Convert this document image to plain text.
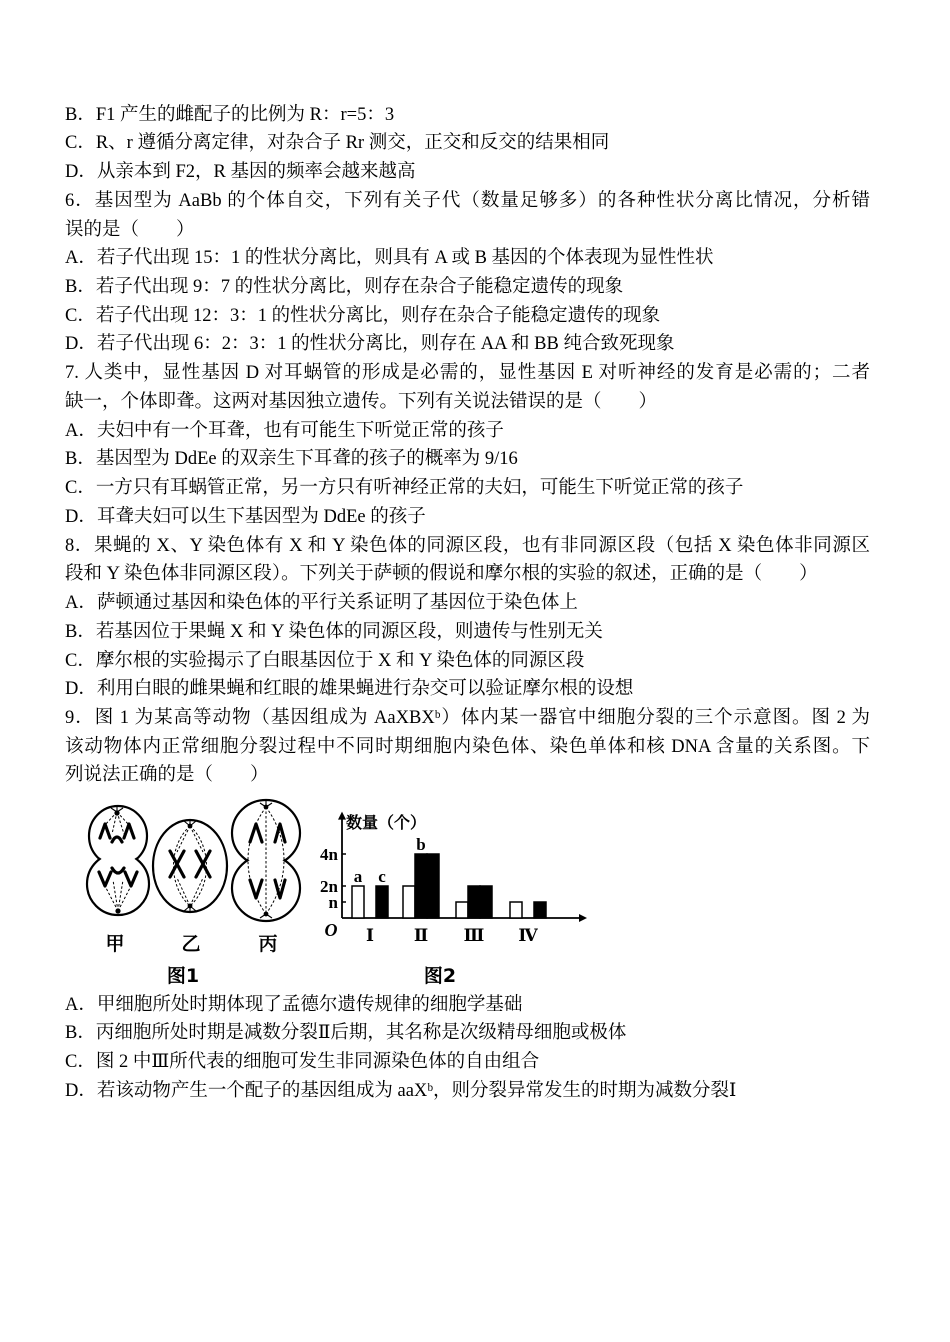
B．F1 产生的雌配子的比例为 R：r=5：3
C．R、r 遵循分离定律，对杂合子 Rr 测交，正交和反交的结果相同
D．从亲本到 F2，R 基因的频率会越来越高
6．基因型为 AaBb 的个体自交，下列有关子代（数量足够多）的各种性状分离比情况，分析错
误的是（　　）
A．若子代出现 15：1 的性状分离比，则具有 A 或 B 基因的个体表现为显性性状
B．若子代出现 9：7 的性状分离比，则存在杂合子能稳定遗传的现象
C．若子代出现 12：3：1 的性状分离比，则存在杂合子能稳定遗传的现象
D．若子代出现 6：2：3：1 的性状分离比，则存在 AA 和 BB 纯合致死现象
7. 人类中，显性基因 D 对耳蜗管的形成是必需的，显性基因 E 对听神经的发育是必需的；二者
缺一，个体即聋。这两对基因独立遗传。下列有关说法错误的是（　　）
A．夫妇中有一个耳聋，也有可能生下听觉正常的孩子
B．基因型为 DdEe 的双亲生下耳聋的孩子的概率为 9/16
C．一方只有耳蜗管正常，另一方只有听神经正常的夫妇，可能生下听觉正常的孩子
D．耳聋夫妇可以生下基因型为 DdEe 的孩子
8．果蝇的 X、Y 染色体有 X 和 Y 染色体的同源区段，也有非同源区段（包括 X 染色体非同源区
段和 Y 染色体非同源区段）。下列关于萨顿的假说和摩尔根的实验的叙述，正确的是（　　）
A．萨顿通过基因和染色体的平行关系证明了基因位于染色体上
B．若基因位于果蝇 X 和 Y 染色体的同源区段，则遗传与性别无关
C．摩尔根的实验揭示了白眼基因位于 X 和 Y 染色体的同源区段
D．利用白眼的雌果蝇和红眼的雄果蝇进行杂交可以验证摩尔根的设想
9．图 1 为某高等动物（基因组成为 AaXBXᵇ）体内某一器官中细胞分裂的三个示意图。图 2 为
该动物体内正常细胞分裂过程中不同时期细胞内染色体、染色单体和核 DNA 含量的关系图。下
列说法正确的是（　　）
甲	乙	丙
图1
数量（个）
O
4n
2n
n
Ⅰ Ⅱ Ⅲ Ⅳ
a c
b
图2
A．甲细胞所处时期体现了孟德尔遗传规律的细胞学基础
B．丙细胞所处时期是减数分裂Ⅱ后期，其名称是次级精母细胞或极体
C．图 2 中Ⅲ所代表的细胞可发生非同源染色体的自由组合
D．若该动物产生一个配子的基因组成为 aaXᵇ，则分裂异常发生的时期为减数分裂Ⅰ
